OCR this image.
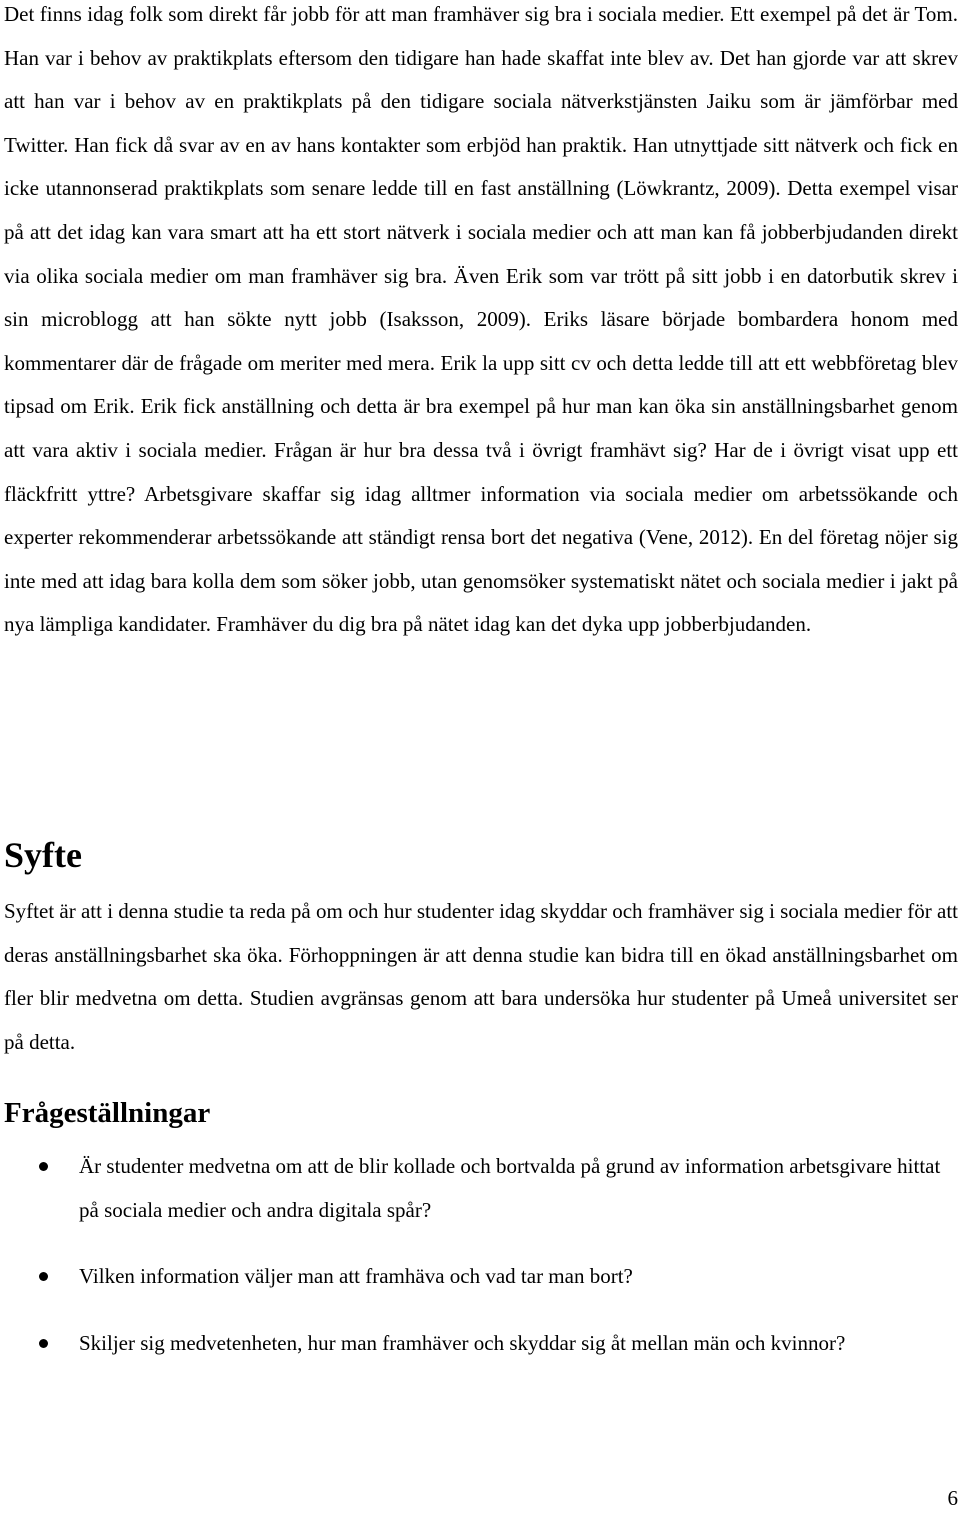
Det finns idag folk som direkt får jobb för att man framhäver sig bra i sociala medier. Ett exempel på det är Tom. Han var i behov av praktikplats eftersom den tidigare han hade skaffat inte blev av. Det han gjorde var att skrev att han var i behov av en praktikplats på den tidigare sociala nätverkstjänsten Jaiku som är jämförbar med Twitter. Han fick då svar av en av hans kontakter som erbjöd han praktik. Han utnyttjade sitt nätverk och fick en icke utannonserad praktikplats som senare ledde till en fast anställning (Löwkrantz, 2009). Detta exempel visar på att det idag kan vara smart att ha ett stort nätverk i sociala medier och att man kan få jobberbjudanden direkt via olika sociala medier om man framhäver sig bra. Även Erik som var trött på sitt jobb i en datorbutik skrev i sin microblogg att han sökte nytt jobb (Isaksson, 2009). Eriks läsare började bombardera honom med kommentarer där de frågade om meriter med mera. Erik la upp sitt cv och detta ledde till att ett webbföretag blev tipsad om Erik. Erik fick anställning och detta är bra exempel på hur man kan öka sin anställningsbarhet genom att vara aktiv i sociala medier. Frågan är hur bra dessa två i övrigt framhävt sig? Har de i övrigt visat upp ett fläckfritt yttre? Arbetsgivare skaffar sig idag alltmer information via sociala medier om arbetssökande och experter rekommenderar arbetssökande att ständigt rensa bort det negativa (Vene, 2012). En del företag nöjer sig inte med att idag bara kolla dem som söker jobb, utan genomsöker systematiskt nätet och sociala medier i jakt på nya lämpliga kandidater. Framhäver du dig bra på nätet idag kan det dyka upp jobberbjudanden.

Syfte

Syftet är att i denna studie ta reda på om och hur studenter idag skyddar och framhäver sig i sociala medier för att deras anställningsbarhet ska öka. Förhoppningen är att denna studie kan bidra till en ökad anställningsbarhet om fler blir medvetna om detta. Studien avgränsas genom att bara undersöka hur studenter på Umeå universitet ser på detta.

Frågeställningar
Är studenter medvetna om att de blir kollade och bortvalda på grund av information arbetsgivare hittat på sociala medier och andra digitala spår?
Vilken information väljer man att framhäva och vad tar man bort?
Skiljer sig medvetenheten, hur man framhäver och skyddar sig åt mellan män och kvinnor?
6
